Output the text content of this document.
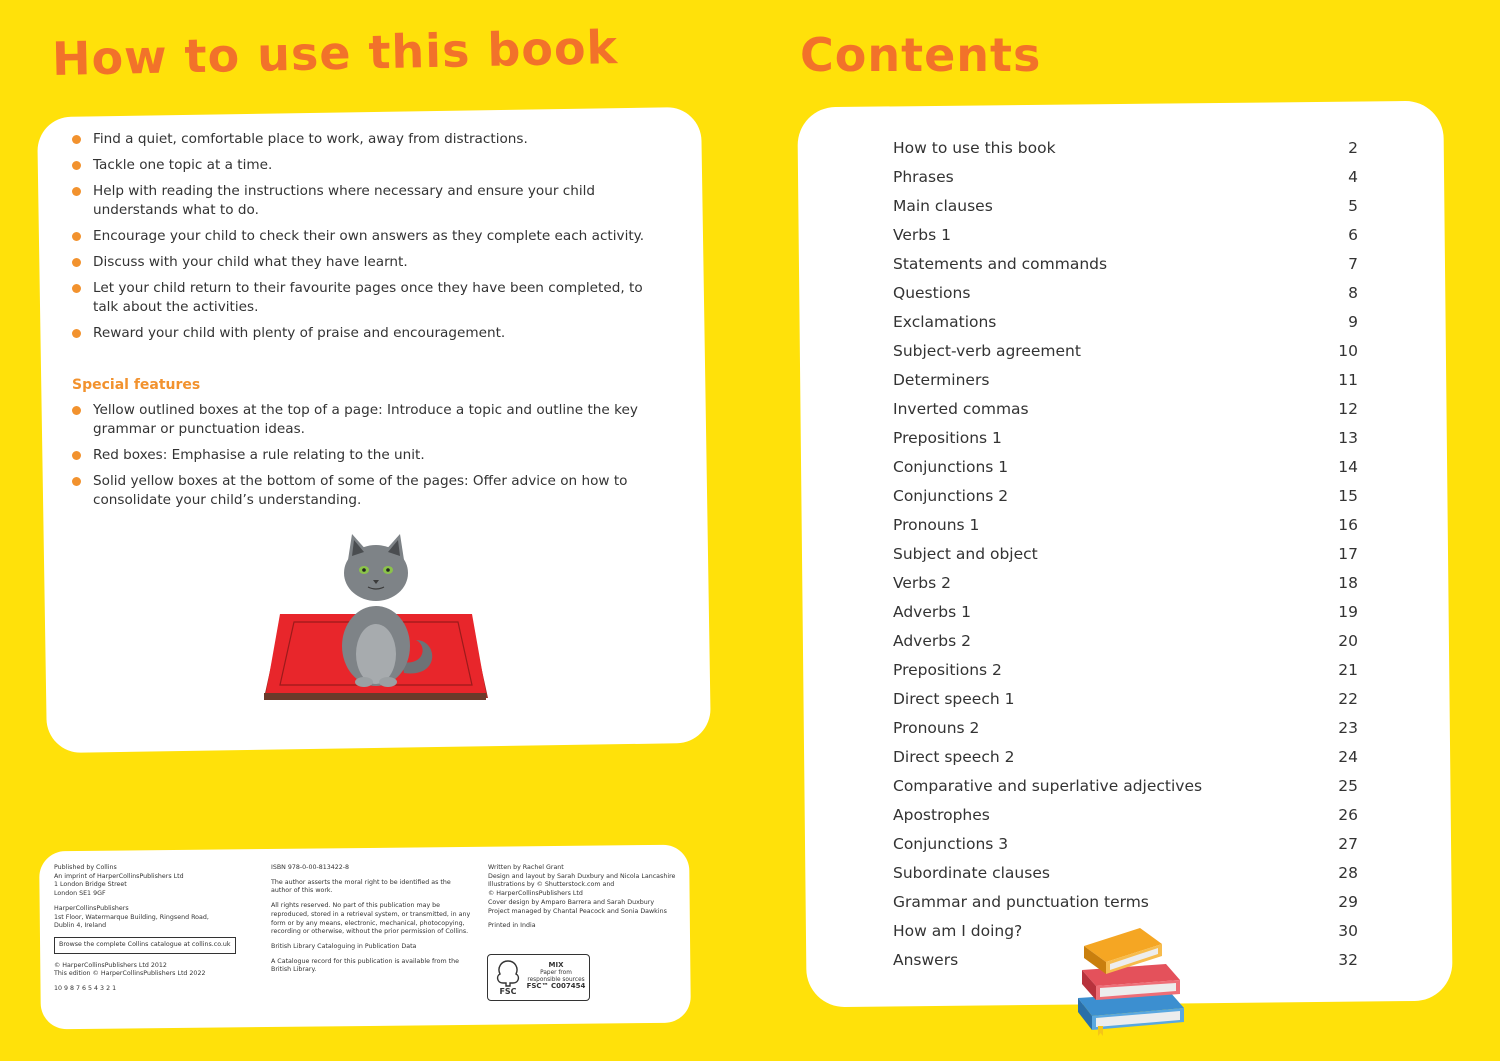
How to use this book	Contents
Find a quiet, comfortable place to work, away from distractions.
Tackle one topic at a time.
Help with reading the instructions where necessary and ensure your child understands what to do.
Encourage your child to check their own answers as they complete each activity.
Discuss with your child what they have learnt.
Let your child return to their favourite pages once they have been completed, to talk about the activities.
Reward your child with plenty of praise and encouragement.
Special features
Yellow outlined boxes at the top of a page: Introduce a topic and outline the key grammar or punctuation ideas.
Red boxes: Emphasise a rule relating to the unit.
Solid yellow boxes at the bottom of some of the pages: Offer advice on how to consolidate your child’s understanding.

Published by Collins
An imprint of HarperCollinsPublishers Ltd
1 London Bridge Street
London SE1 9GF

HarperCollinsPublishers
1st Floor, Watermarque Building, Ringsend Road,
Dublin 4, Ireland

Browse the complete Collins catalogue at collins.co.uk

© HarperCollinsPublishers Ltd 2012
This edition © HarperCollinsPublishers Ltd 2022

10 9 8 7 6 5 4 3 2 1

ISBN 978-0-00-813422-8

The author asserts the moral right to be identified as the author of this work.

All rights reserved. No part of this publication may be reproduced, stored in a retrieval system, or transmitted, in any form or by any means, electronic, mechanical, photocopying, recording or otherwise, without the prior permission of Collins.

British Library Cataloguing in Publication Data

A Catalogue record for this publication is available from the British Library.

Written by Rachel Grant
Design and layout by Sarah Duxbury and Nicola Lancashire
Illustrations by © Shutterstock.com and
© HarperCollinsPublishers Ltd
Cover design by Amparo Barrera and Sarah Duxbury
Project managed by Chantal Peacock and Sonia Dawkins

Printed in India

FSC
MIX
Paper from
responsible sources
FSC™ C007454
How to use this book	2
Phrases	4
Main clauses	5
Verbs 1	6
Statements and commands	7
Questions	8
Exclamations	9
Subject-verb agreement	10
Determiners	11
Inverted commas	12
Prepositions 1	13
Conjunctions 1	14
Conjunctions 2	15
Pronouns 1	16
Subject and object	17
Verbs 2	18
Adverbs 1	19
Adverbs 2	20
Prepositions 2	21
Direct speech 1	22
Pronouns 2	23
Direct speech 2	24
Comparative and superlative adjectives	25
Apostrophes	26
Conjunctions 3	27
Subordinate clauses	28
Grammar and punctuation terms	29
How am I doing?	30
Answers	32
